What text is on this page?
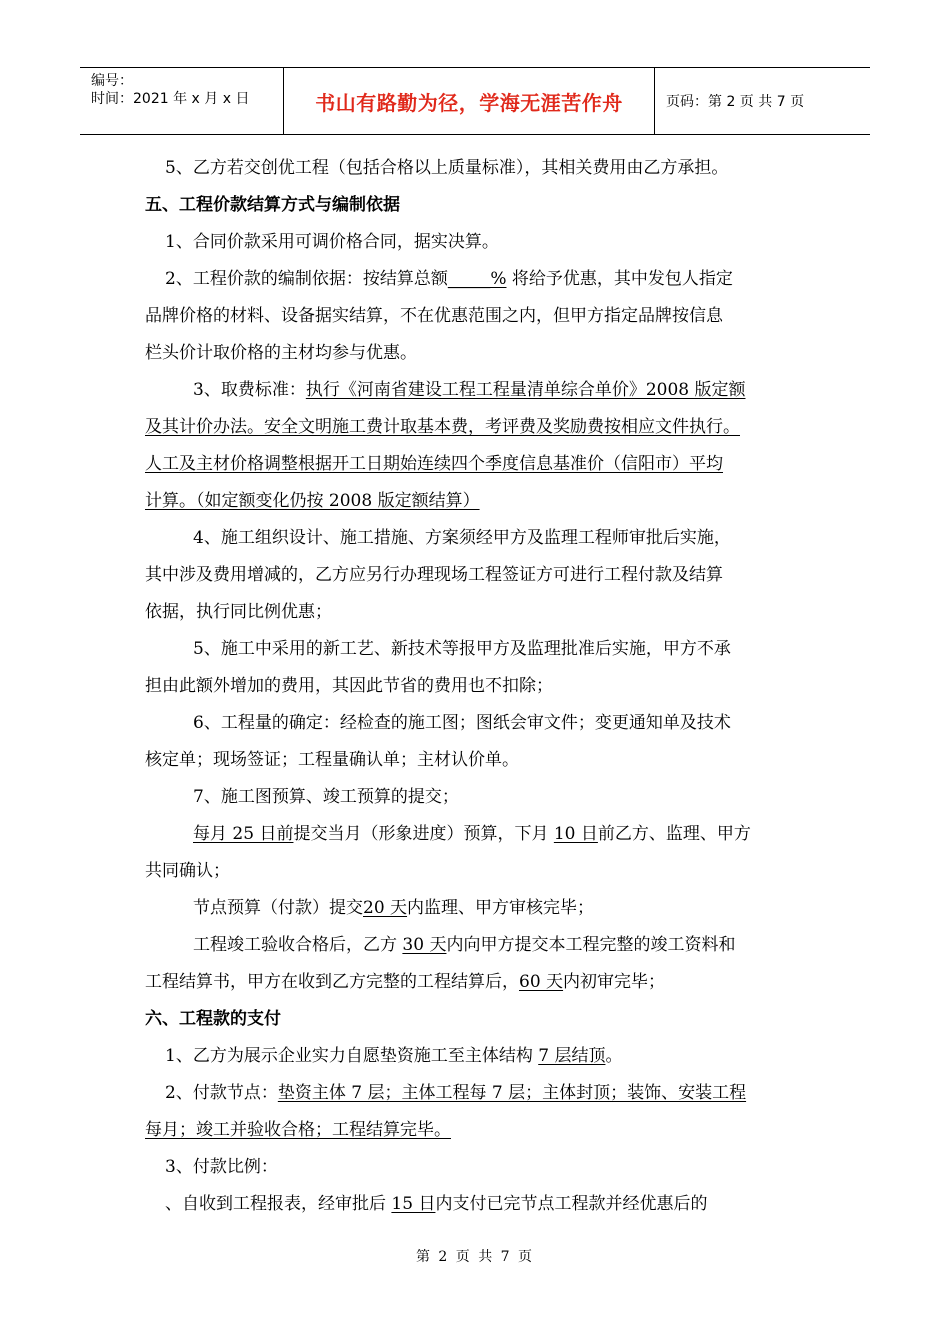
编号：
时间：2021 年 x 月 x 日	书山有路勤为径，学海无涯苦作舟	页码：第 2 页 共 7 页
5、乙方若交创优工程（包括合格以上质量标准），其相关费用由乙方承担。
五、工程价款结算方式与编制依据
1、合同价款采用可调价格合同，据实决算。
2、工程价款的编制依据：按结算总额_____% 将给予优惠，其中发包人指定
品牌价格的材料、设备据实结算，不在优惠范围之内，但甲方指定品牌按信息
栏头价计取价格的主材均参与优惠。
3、取费标准：执行《河南省建设工程工程量清单综合单价》2008 版定额
及其计价办法。安全文明施工费计取基本费，考评费及奖励费按相应文件执行。
人工及主材价格调整根据开工日期始连续四个季度信息基准价（信阳市）平均
计算。（如定额变化仍按 2008 版定额结算）
4、施工组织设计、施工措施、方案须经甲方及监理工程师审批后实施，
其中涉及费用增减的，乙方应另行办理现场工程签证方可进行工程付款及结算
依据，执行同比例优惠；
5、施工中采用的新工艺、新技术等报甲方及监理批准后实施，甲方不承
担由此额外增加的费用，其因此节省的费用也不扣除；
6、工程量的确定：经检查的施工图；图纸会审文件；变更通知单及技术
核定单；现场签证；工程量确认单；主材认价单。
7、施工图预算、竣工预算的提交；
每月 25 日前提交当月（形象进度）预算，下月 10 日前乙方、监理、甲方
共同确认；
节点预算（付款）提交20 天内监理、甲方审核完毕；
工程竣工验收合格后，乙方 30 天内向甲方提交本工程完整的竣工资料和
工程结算书，甲方在收到乙方完整的工程结算后，60 天内初审完毕；
六、工程款的支付
1、乙方为展示企业实力自愿垫资施工至主体结构 7 层结顶。
2、付款节点：垫资主体 7 层；主体工程每 7 层；主体封顶；装饰、安装工程
每月；竣工并验收合格；工程结算完毕。
3、付款比例：
、自收到工程报表，经审批后 15 日内支付已完节点工程款并经优惠后的
第 2 页 共 7 页
